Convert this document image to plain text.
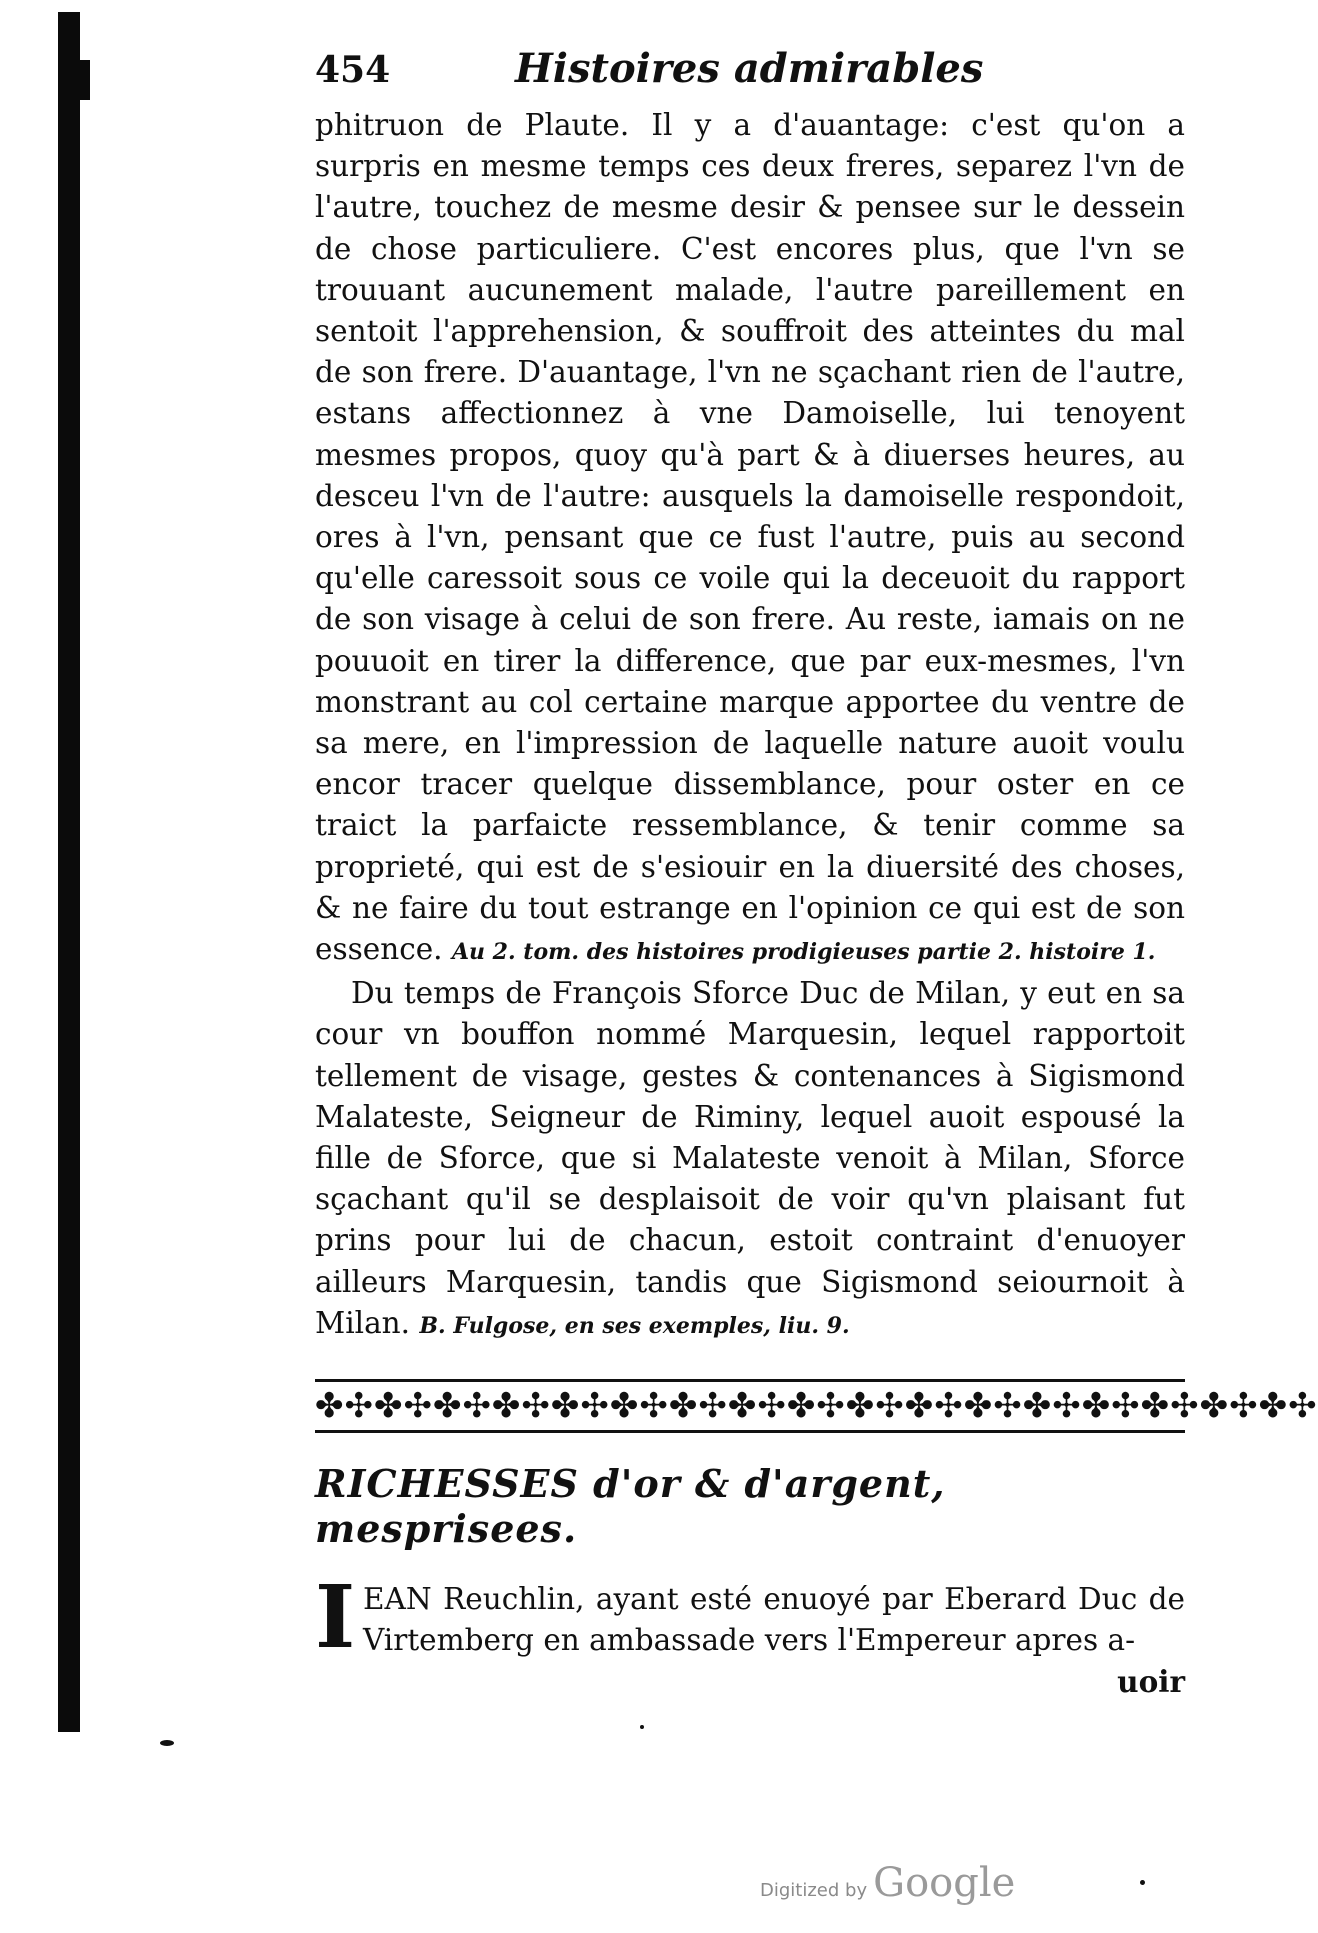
454	Histoires admirables

phitruon de Plaute. Il y a d'auantage: c'est qu'on a surpris en mesme temps ces deux freres, separez l'vn de l'autre, touchez de mesme desir & pensee sur le dessein de chose particuliere. C'est encores plus, que l'vn se trouuant aucunement malade, l'autre pareillement en sentoit l'apprehension, & souffroit des atteintes du mal de son frere. D'auantage, l'vn ne sçachant rien de l'autre, estans affectionnez à vne Damoiselle, lui tenoyent mesmes propos, quoy qu'à part & à diuerses heures, au desceu l'vn de l'autre: ausquels la damoiselle respondoit, ores à l'vn, pensant que ce fust l'autre, puis au second qu'elle caressoit sous ce voile qui la deceuoit du rapport de son visage à celui de son frere. Au reste, iamais on ne pouuoit en tirer la difference, que par eux-mesmes, l'vn monstrant au col certaine marque apportee du ventre de sa mere, en l'impression de laquelle nature auoit voulu encor tracer quelque dissemblance, pour oster en ce traict la parfaicte ressemblance, & tenir comme sa proprieté, qui est de s'esiouir en la diuersité des choses, & ne faire du tout estrange en l'opinion ce qui est de son essence. Au 2. tom. des histoires prodigieuses partie 2. histoire 1.

Du temps de François Sforce Duc de Milan, y eut en sa cour vn bouffon nommé Marquesin, lequel rapportoit tellement de visage, gestes & contenances à Sigismond Malateste, Seigneur de Riminy, lequel auoit espousé la fille de Sforce, que si Malateste venoit à Milan, Sforce sçachant qu'il se desplaisoit de voir qu'vn plaisant fut prins pour lui de chacun, estoit contraint d'enuoyer ailleurs Marquesin, tandis que Sigismond seiournoit à Milan. B. Fulgose, en ses exemples, liu. 9.

✤✣✤✣✤✣✤✣✤✣✤✣✤✣✤✣✤✣✤✣✤✣✤✣✤✣✤✣✤✣✤✣✤✣
RICHESSES d'or & d'argent, mesprisees.
I EAN Reuchlin, ayant esté enuoyé par Eberard Duc de Virtemberg en ambassade vers l'Empereur apres a-

uoir
Digitized by Google
